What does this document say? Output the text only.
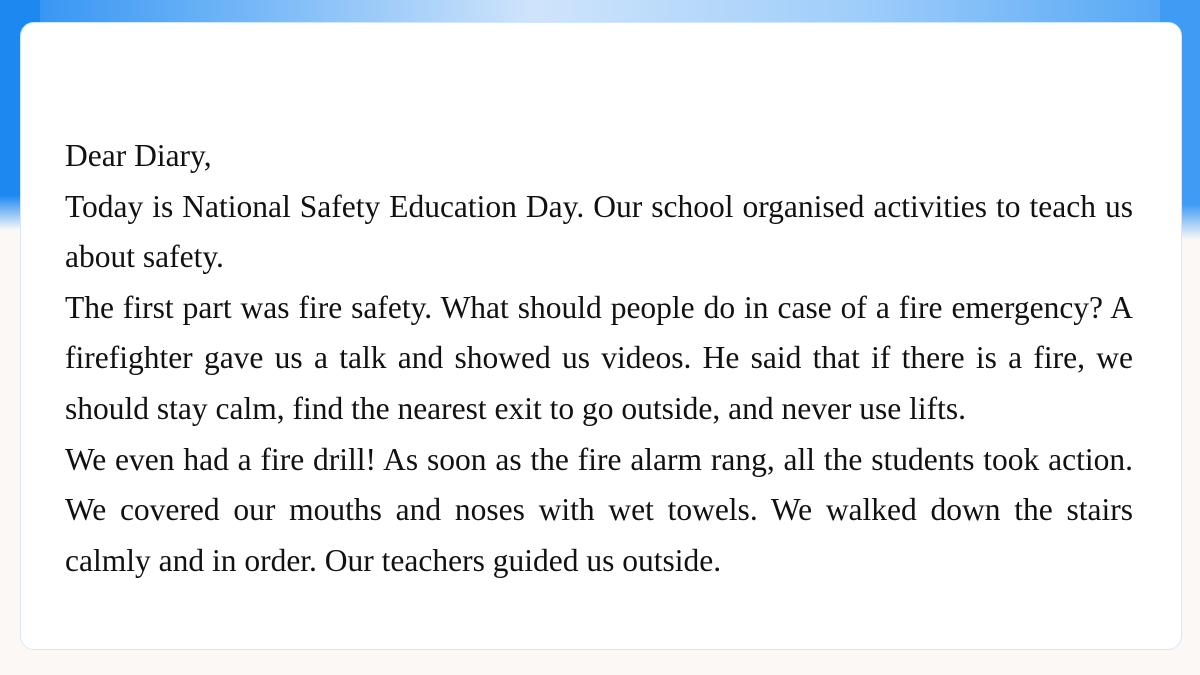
Dear Diary,

Today is National Safety Education Day. Our school organised activities to teach us about safety.

The first part was fire safety. What should people do in case of a fire emergency? A firefighter gave us a talk and showed us videos. He said that if there is a fire, we should stay calm, find the nearest exit to go outside, and never use lifts.

We even had a fire drill! As soon as the fire alarm rang, all the students took action. We covered our mouths and noses with wet towels. We walked down the stairs calmly and in order. Our teachers guided us outside.
